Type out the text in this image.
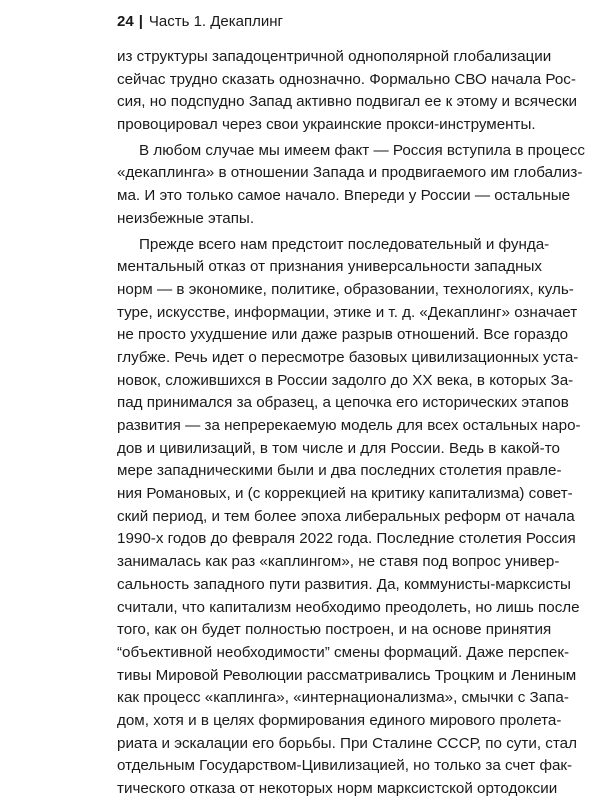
24 | Часть 1. Декаплинг
из структуры западоцентричной однополярной глобализации
сейчас трудно сказать однозначно. Формально СВО начала Рос-
сия, но подспудно Запад активно подвигал ее к этому и всячески
провоцировал через свои украинские прокси-инструменты.
В любом случае мы имеем факт — Россия вступила в процесс
«декаплинга» в отношении Запада и продвигаемого им глобализ-
ма. И это только самое начало. Впереди у России — остальные
неизбежные этапы.
Прежде всего нам предстоит последовательный и фунда-
ментальный отказ от признания универсальности западных
норм — в экономике, политике, образовании, технологиях, куль-
туре, искусстве, информации, этике и т. д. «Декаплинг» означает
не просто ухудшение или даже разрыв отношений. Все гораздо
глубже. Речь идет о пересмотре базовых цивилизационных уста-
новок, сложившихся в России задолго до XX века, в которых За-
пад принимался за образец, а цепочка его исторических этапов
развития — за непререкаемую модель для всех остальных наро-
дов и цивилизаций, в том числе и для России. Ведь в какой-то
мере западническими были и два последних столетия правле-
ния Романовых, и (с коррекцией на критику капитализма) совет-
ский период, и тем более эпоха либеральных реформ от начала
1990-х годов до февраля 2022 года. Последние столетия Россия
занималась как раз «каплингом», не ставя под вопрос универ-
сальность западного пути развития. Да, коммунисты-марксисты
считали, что капитализм необходимо преодолеть, но лишь после
того, как он будет полностью построен, и на основе принятия
“объективной необходимости” смены формаций. Даже перспек-
тивы Мировой Революции рассматривались Троцким и Лениным
как процесс «каплинга», «интернационализма», смычки с Запа-
дом, хотя и в целях формирования единого мирового пролета-
риата и эскалации его борьбы. При Сталине СССР, по сути, стал
отдельным Государством-Цивилизацией, но только за счет фак-
тического отказа от некоторых норм марксистской ортодоксии
